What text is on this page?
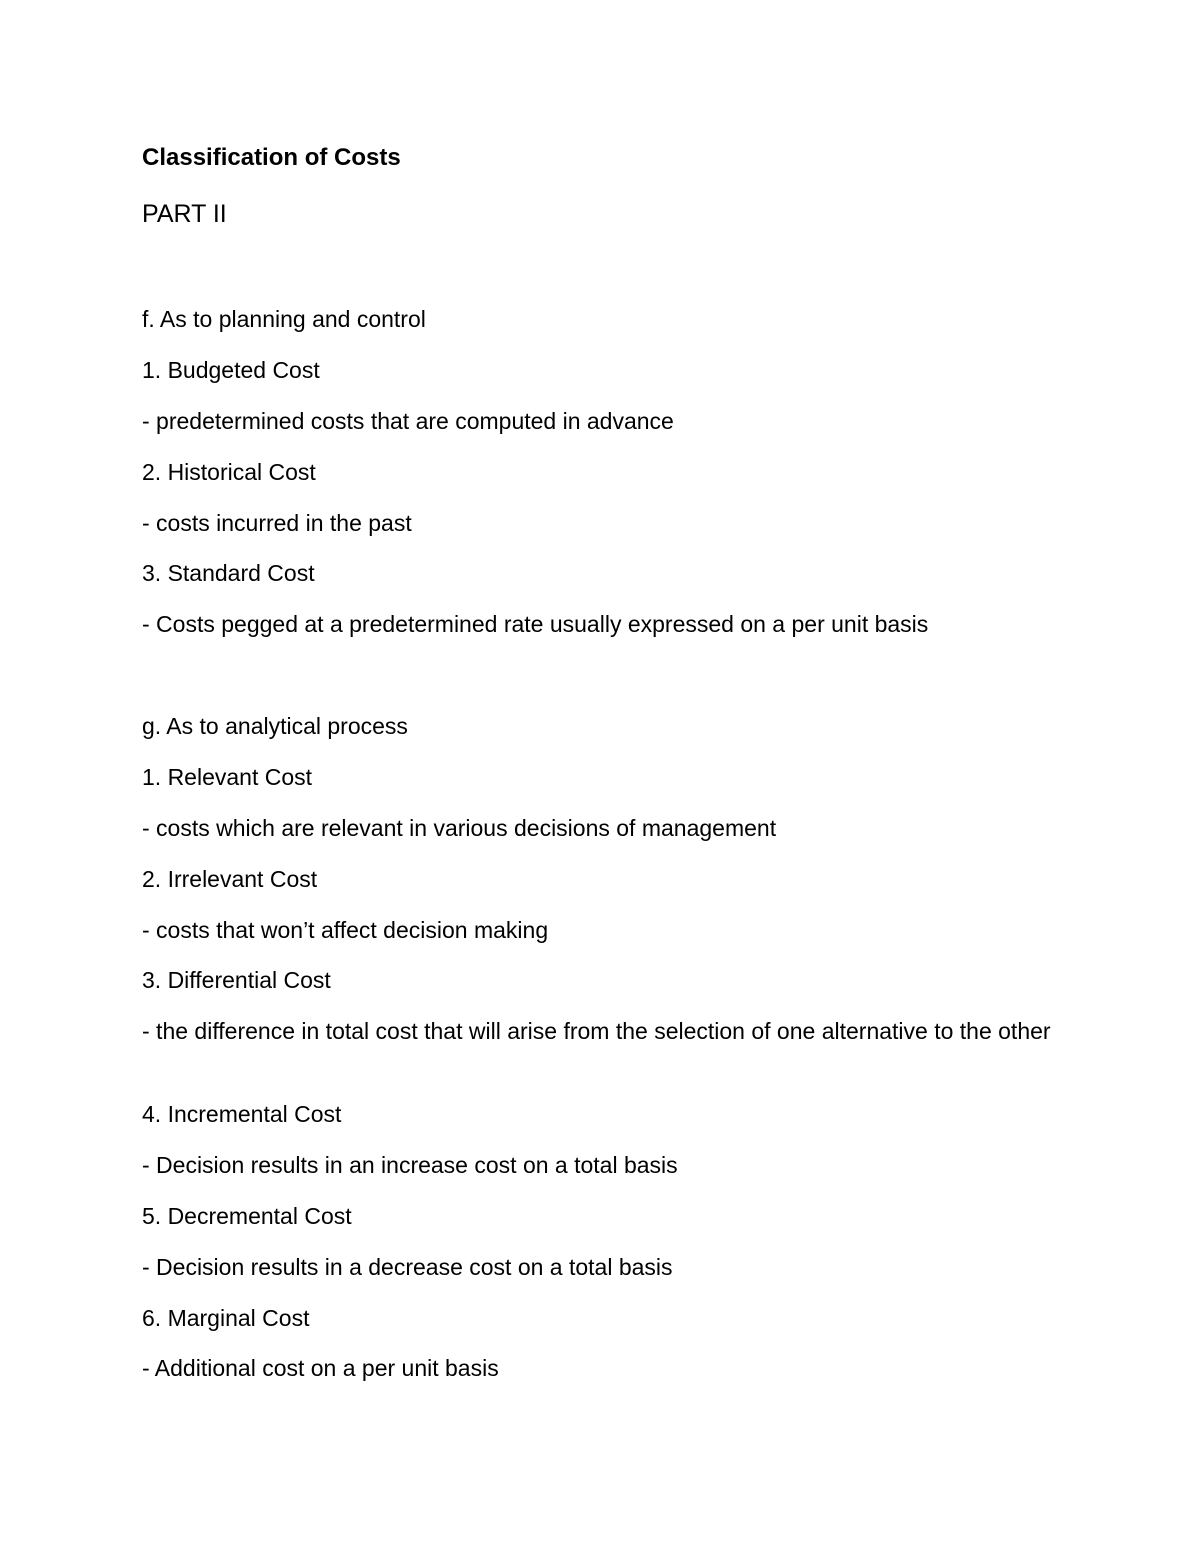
Classification of Costs
PART II
f. As to planning and control
1. Budgeted Cost
- predetermined costs that are computed in advance
2. Historical Cost
- costs incurred in the past
3. Standard Cost
- Costs pegged at a predetermined rate usually expressed on a per unit basis
g. As to analytical process
1. Relevant Cost
- costs which are relevant in various decisions of management
2. Irrelevant Cost
- costs that won’t affect decision making
3. Differential Cost
- the difference in total cost that will arise from the selection of one alternative to the other
4. Incremental Cost
- Decision results in an increase cost on a total basis
5. Decremental Cost
- Decision results in a decrease cost on a total basis
6. Marginal Cost
- Additional cost on a per unit basis
